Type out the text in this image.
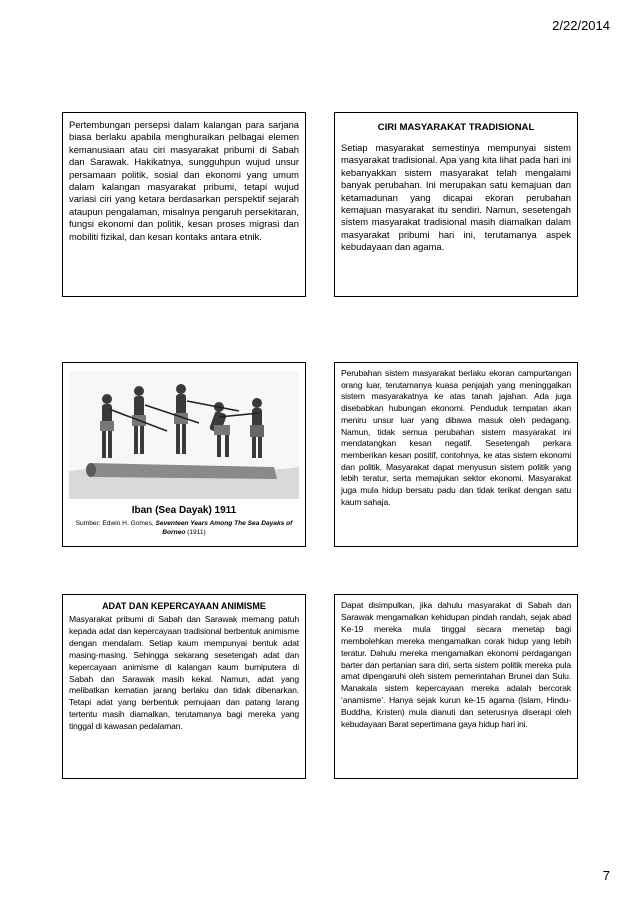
2/22/2014

Pertembungan persepsi dalam kalangan para sarjana biasa berlaku apabila menghuraikan pelbagai elemen kemanusiaan atau ciri masyarakat pribumi di Sabah dan Sarawak. Hakikatnya, sungguhpun wujud unsur persamaan politik, sosial dan ekonomi yang umum dalam kalangan masyarakat pribumi, tetapi wujud variasi ciri yang ketara berdasarkan perspektif sejarah ataupun pengalaman, misalnya pengaruh persekitaran, fungsi ekonomi dan politik, kesan proses migrasi dan mobiliti fizikal, dan kesan kontaks antara etnik.

CIRI MASYARAKAT TRADISIONAL

Setiap masyarakat semestinya mempunyai sistem masyarakat tradisional. Apa yang kita lihat pada hari ini kebanyakkan sistem masyarakat telah mengalami banyak perubahan. Ini merupakan satu kemajuan dan ketamadunan yang dicapai ekoran perubahan kemajuan masyarakat itu sendiri. Namun, sesetengah sistem masyarakat tradisional masih diamalkan dalam masyarakat pribumi hari ini, terutamanya aspek kebudayaan dan agama.

Iban (Sea Dayak) 1911
Sumber: Edwin H. Gomes, Seventeen Years Among The Sea Dayaks of Borneo (1911)

Perubahan sistem masyarakat berlaku ekoran campurtangan orang luar, terutamanya kuasa penjajah yang meninggalkan sistem masyarakatnya ke atas tanah jajahan. Ada juga disebabkan hubungan ekonomi. Penduduk tempatan akan meniru unsur luar yang dibawa masuk oleh pedagang. Namun, tidak semua perubahan sistem masyarakat ini mendatangkan kesan negatif. Sesetengah perkara memberikan kesan positif, contohnya, ke atas sistem ekonomi dan politik. Masyarakat dapat menyusun sistem politik yang lebih teratur, serta memajukan sektor ekonomi. Masyarakat juga mula hidup bersatu padu dan tidak terikat dengan satu kaum sahaja.

ADAT DAN KEPERCAYAAN ANIMISME

Masyarakat pribumi di Sabah dan Sarawak memang patuh kepada adat dan kepercayaan tradisional berbentuk animisme dengan mendalam. Setiap kaum mempunyai bentuk adat masing-masing. Sehingga sekarang sesetengah adat dan kepercayaan animisme di kalangan kaum bumiputera di Sabah dan Sarawak masih kekal. Namun, adat yang melibatkan kematian jarang berlaku dan tidak dibenarkan. Tetapi adat yang berbentuk pemujaan dan patang larang tertentu masih diamalkan, terutamanya bagi mereka yang tinggal di kawasan pedalaman.

Dapat disimpulkan, jika dahulu masyarakat di Sabah dan Sarawak mengamalkan kehidupan pindah randah, sejak abad Ke-19 mereka mula tinggal secara menetap bagi membolehkan mereka mengamalkan corak hidup yang lebih teratur. Dahulu mereka mengamalkan ekonomi perdagangan barter dan pertanian sara diri, serta sistem politik mereka pula amat dipengaruhi oleh sistem pemerintahan Brunei dan Sulu. Manakala sistem kepercayaan mereka adalah bercorak ‘anamisme’. Hanya sejak kurun ke-15 agama (Islam, Hindu-Buddha, Kristen) mula dianuti dan seterusnya diserapi oleh kebudayaan Barat sepertimana gaya hidup hari ini.

7
